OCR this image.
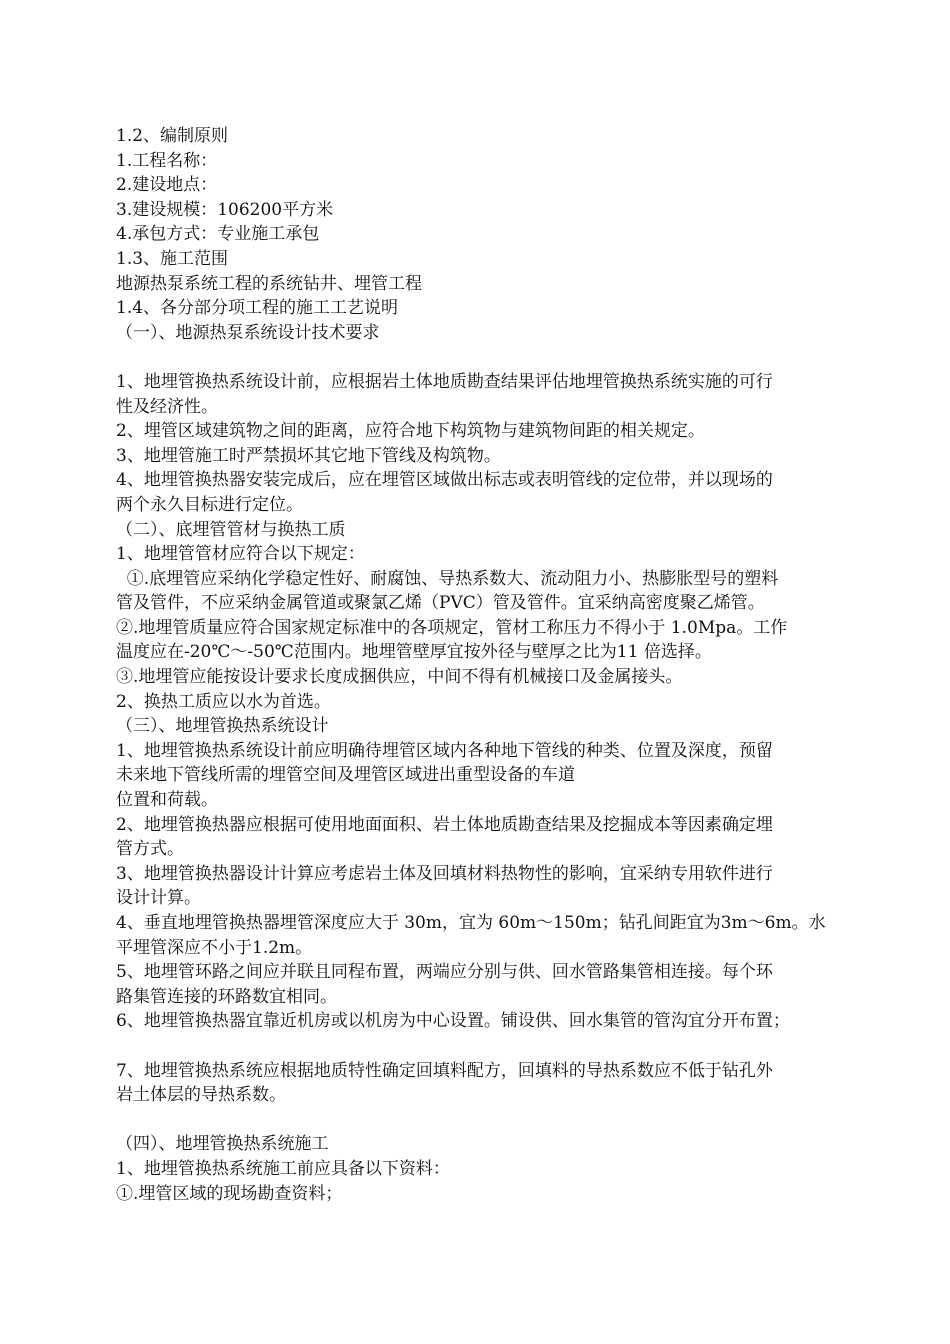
1.2、编制原则
1.工程名称：
2.建设地点：
3.建设规模：106200平方米
4.承包方式：专业施工承包
1.3、施工范围
地源热泵系统工程的系统钻井、埋管工程
1.4、各分部分项工程的施工工艺说明
（一）、地源热泵系统设计技术要求
1、地埋管换热系统设计前，应根据岩土体地质勘查结果评估地埋管换热系统实施的可行
性及经济性。
2、埋管区域建筑物之间的距离，应符合地下构筑物与建筑物间距的相关规定。
3、地埋管施工时严禁损坏其它地下管线及构筑物。
4、地埋管换热器安装完成后，应在埋管区域做出标志或表明管线的定位带，并以现场的
两个永久目标进行定位。
（二）、底埋管管材与换热工质
1、地埋管管材应符合以下规定：
①.底埋管应采纳化学稳定性好、耐腐蚀、导热系数大、流动阻力小、热膨胀型号的塑料
管及管件，不应采纳金属管道或聚氯乙烯（PVC）管及管件。宜采纳高密度聚乙烯管。
②.地埋管质量应符合国家规定标准中的各项规定，管材工称压力不得小于 1.0Mpa。工作
温度应在-20℃～-50℃范围内。地埋管壁厚宜按外径与壁厚之比为11 倍选择。
③.地埋管应能按设计要求长度成捆供应，中间不得有机械接口及金属接头。
2、换热工质应以水为首选。
（三）、地埋管换热系统设计
1、地埋管换热系统设计前应明确待埋管区域内各种地下管线的种类、位置及深度，预留
未来地下管线所需的埋管空间及埋管区域进出重型设备的车道
位置和荷载。
2、地埋管换热器应根据可使用地面面积、岩土体地质勘查结果及挖掘成本等因素确定埋
管方式。
3、地埋管换热器设计计算应考虑岩土体及回填材料热物性的影响，宜采纳专用软件进行
设计计算。
4、垂直地埋管换热器埋管深度应大于 30m，宜为 60m～150m；钻孔间距宜为3m～6m。水
平埋管深应不小于1.2m。
5、地埋管环路之间应并联且同程布置，两端应分别与供、回水管路集管相连接。每个环
路集管连接的环路数宜相同。
6、地埋管换热器宜靠近机房或以机房为中心设置。铺设供、回水集管的管沟宜分开布置；
7、地埋管换热系统应根据地质特性确定回填料配方，回填料的导热系数应不低于钻孔外
岩土体层的导热系数。
（四）、地埋管换热系统施工
1、地埋管换热系统施工前应具备以下资料：
①.埋管区域的现场勘查资料；
